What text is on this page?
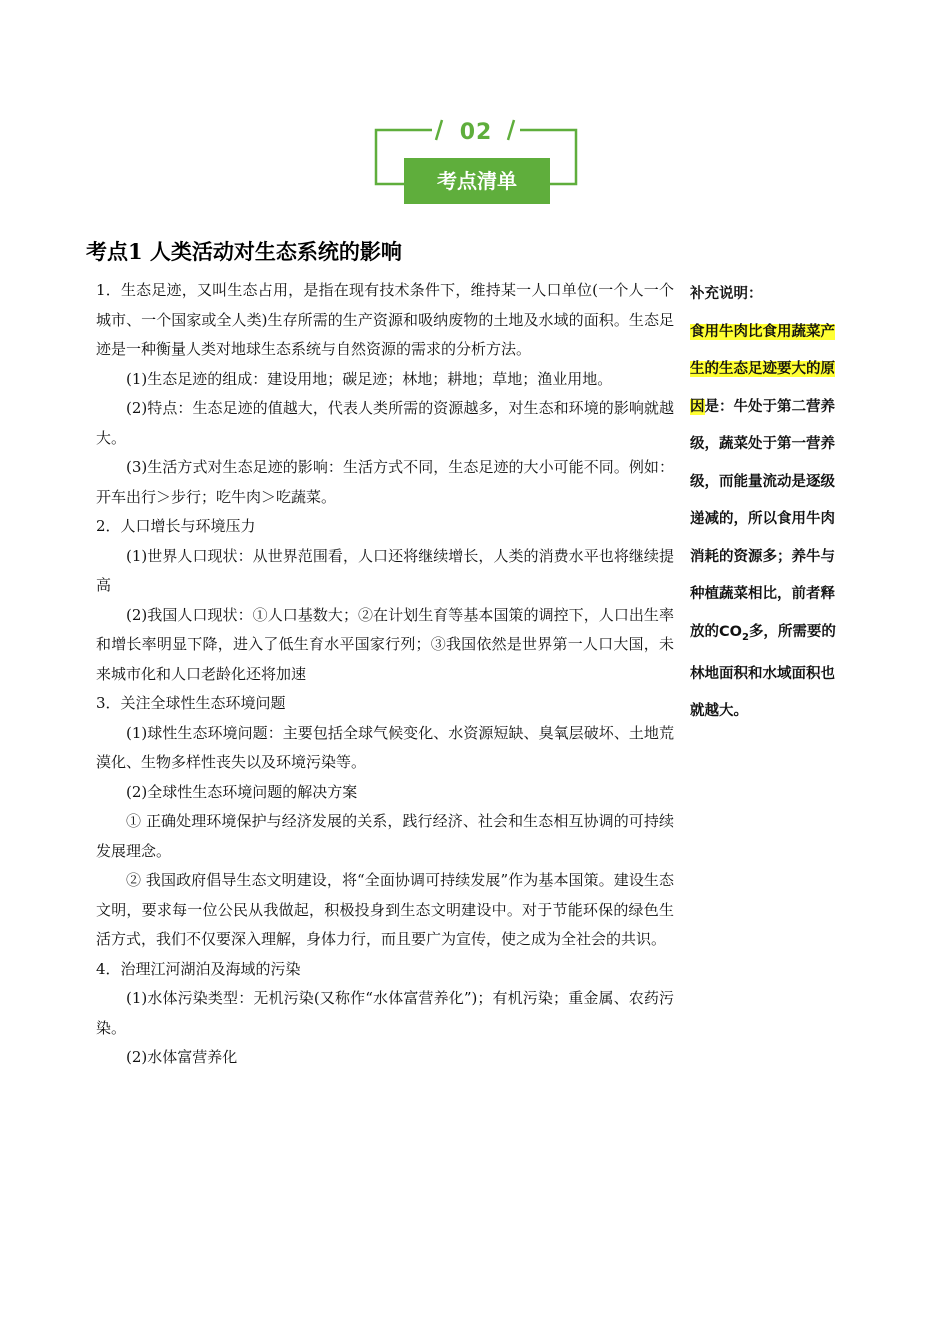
02
考点清单
考点1 人类活动对生态系统的影响

1．生态足迹，又叫生态占用，是指在现有技术条件下，维持某一人口单位(一个人一个城市、一个国家或全人类)生存所需的生产资源和吸纳废物的土地及水域的面积。生态足迹是一种衡量人类对地球生态系统与自然资源的需求的分析方法。

(1)生态足迹的组成：建设用地；碳足迹；林地；耕地；草地；渔业用地。

(2)特点：生态足迹的值越大，代表人类所需的资源越多，对生态和环境的影响就越大。

(3)生活方式对生态足迹的影响：生活方式不同，生态足迹的大小可能不同。例如：开车出行＞步行；吃牛肉＞吃蔬菜。

2．人口增长与环境压力

(1)世界人口现状：从世界范围看，人口还将继续增长，人类的消费水平也将继续提高

(2)我国人口现状：①人口基数大；②在计划生育等基本国策的调控下，人口出生率和增长率明显下降，进入了低生育水平国家行列；③我国依然是世界第一人口大国，未来城市化和人口老龄化还将加速

3．关注全球性生态环境问题

(1)球性生态环境问题：主要包括全球气候变化、水资源短缺、臭氧层破坏、土地荒漠化、生物多样性丧失以及环境污染等。

(2)全球性生态环境问题的解决方案

① 正确处理环境保护与经济发展的关系，践行经济、社会和生态相互协调的可持续发展理念。

② 我国政府倡导生态文明建设，将“全面协调可持续发展”作为基本国策。建设生态文明，要求每一位公民从我做起，积极投身到生态文明建设中。对于节能环保的绿色生活方式，我们不仅要深入理解，身体力行，而且要广为宣传，使之成为全社会的共识。

4．治理江河湖泊及海域的污染

(1)水体污染类型：无机污染(又称作“水体富营养化”)；有机污染；重金属、农药污染。

(2)水体富营养化

补充说明：

食用牛肉比食用蔬菜产生的生态足迹要大的原因是：牛处于第二营养级，蔬菜处于第一营养级，而能量流动是逐级递减的，所以食用牛肉消耗的资源多；养牛与种植蔬菜相比，前者释放的$CO_2$多，所需要的林地面积和水域面积也就越大。
